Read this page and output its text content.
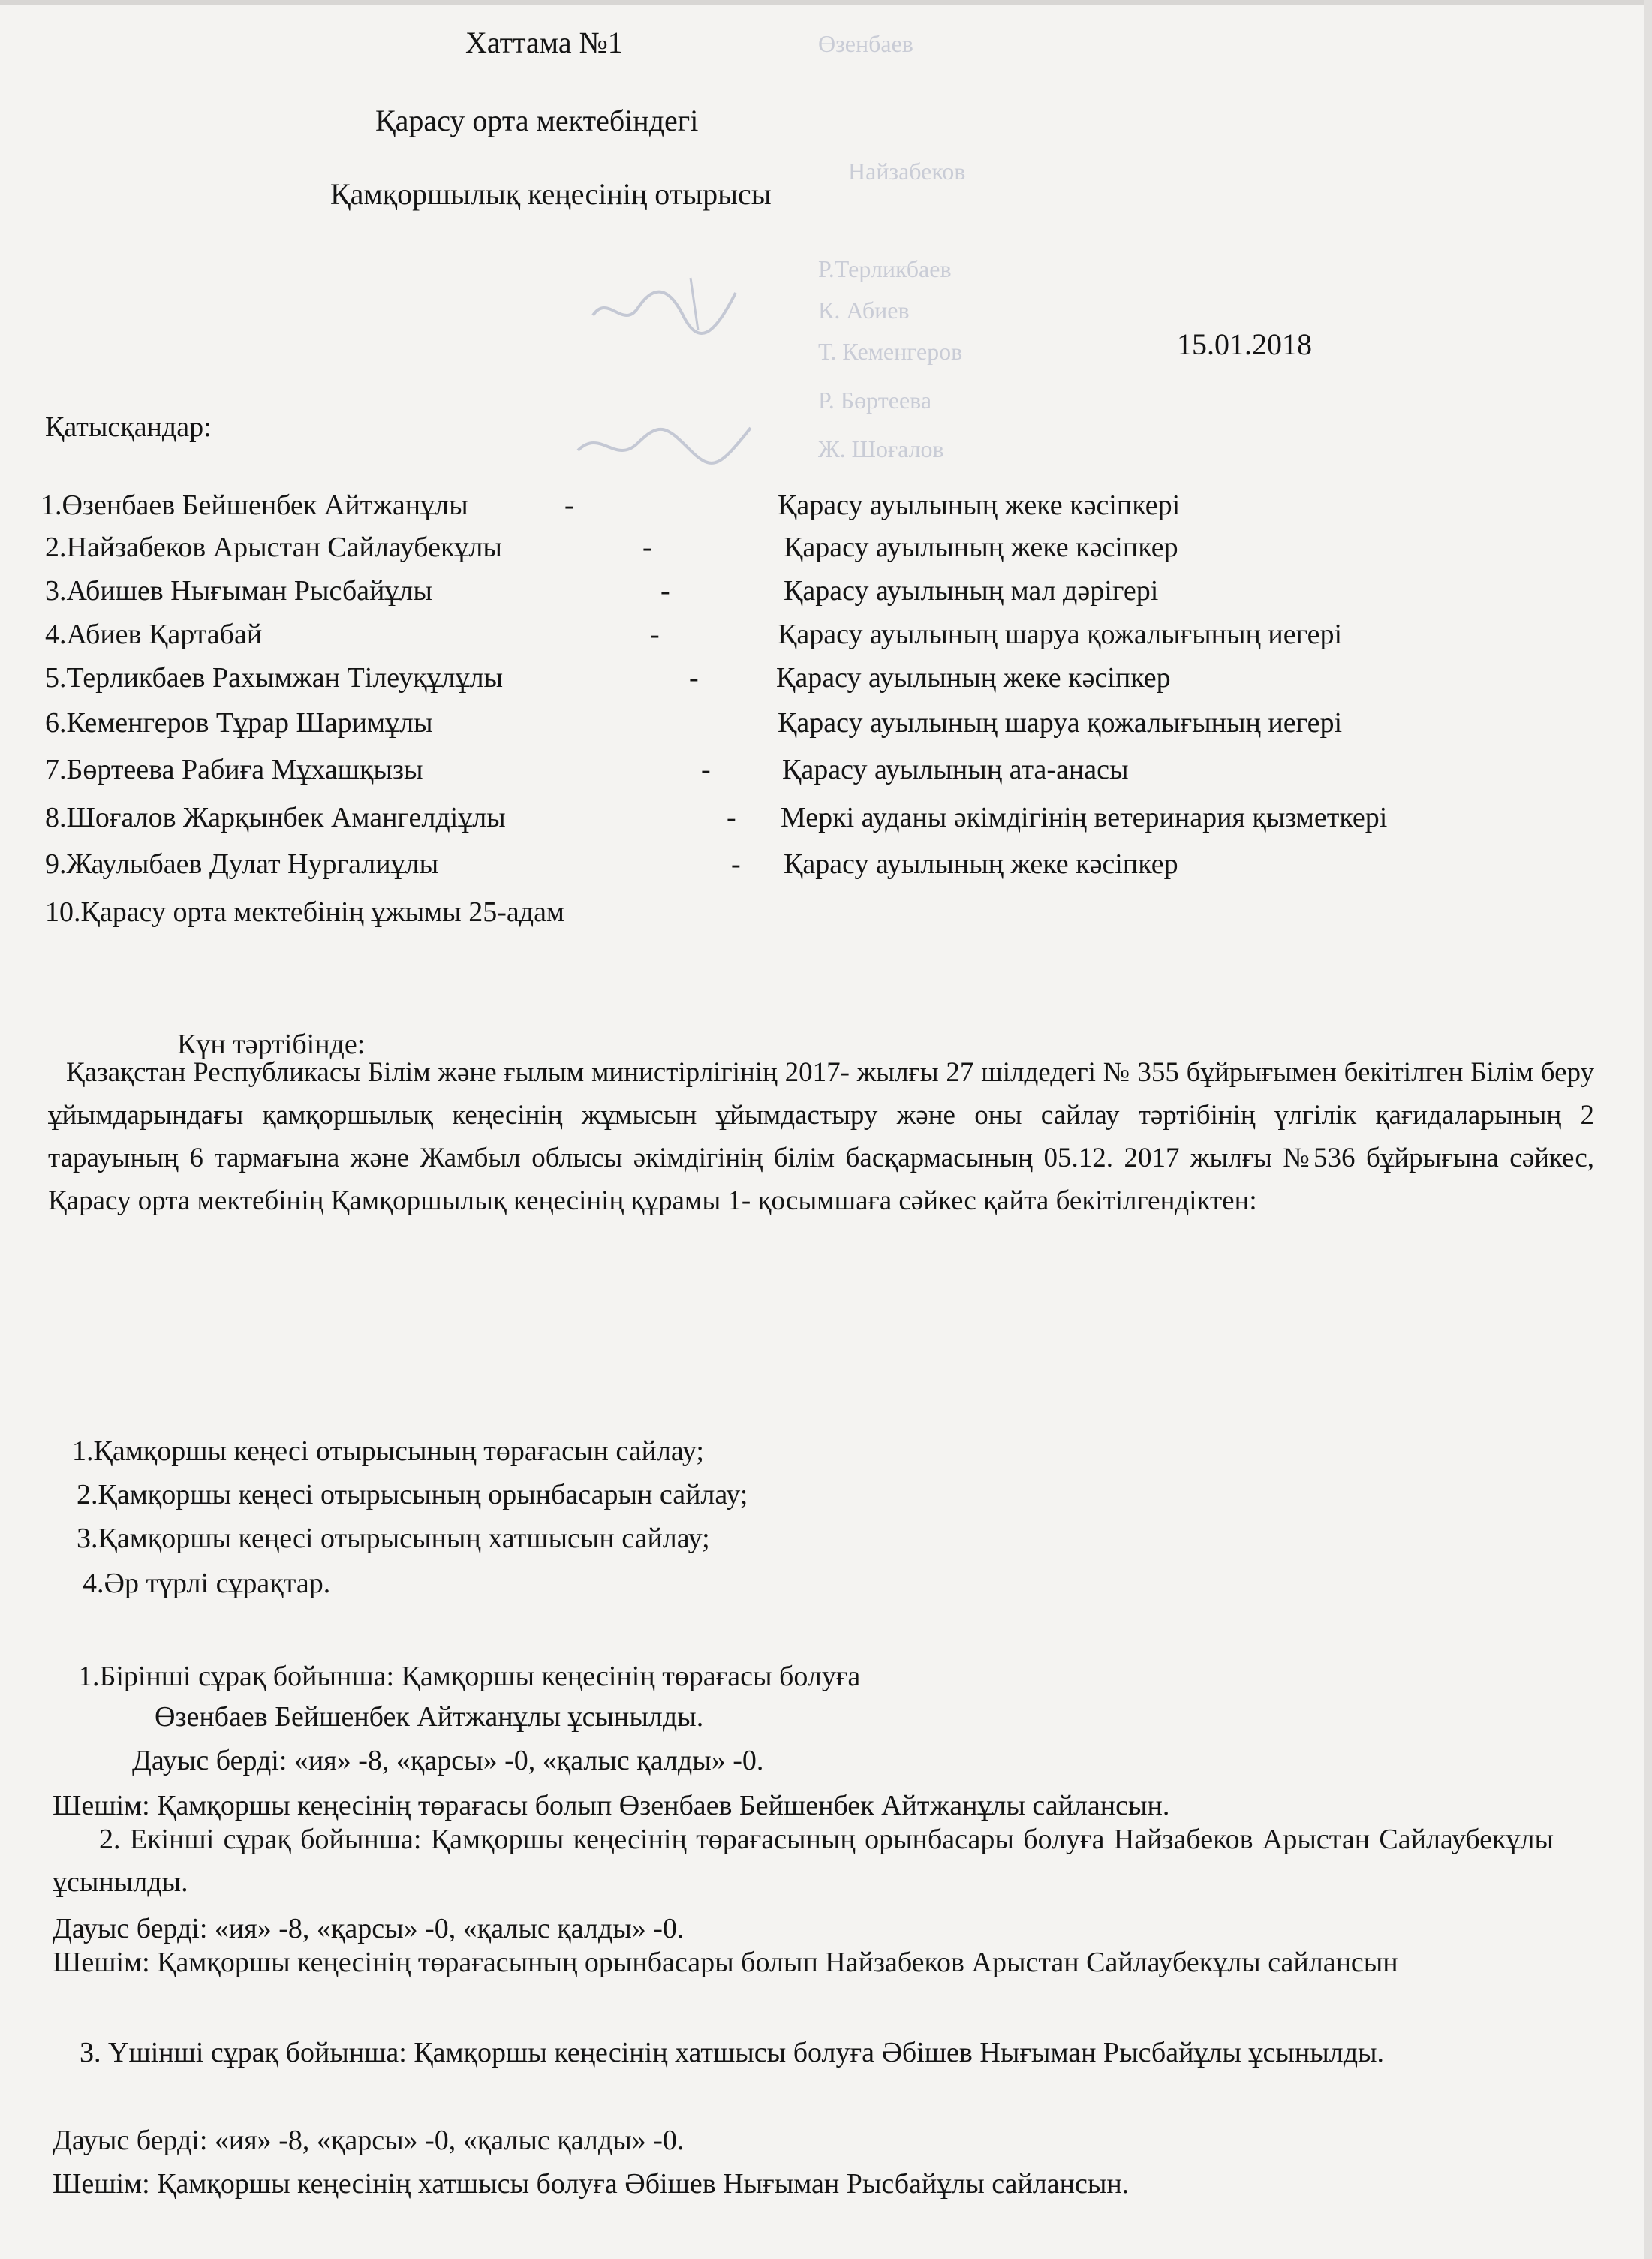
Өзенбаев
Найзабеков
Р.Терликбаев
К. Абиев
Т. Кеменгеров
Р. Бөртеева
Ж. Шоғалов
Хаттама №1
Қарасу орта мектебіндегі
Қамқоршылық кеңесінің отырысы
15.01.2018
Қатысқандар:
1.Өзенбаев Бейшенбек Айтжанұлы	-	Қарасу ауылының жеке кәсіпкері
2.Найзабеков Арыстан Сайлаубекұлы	-	Қарасу ауылының жеке кәсіпкер
3.Абишев Нығыман Рысбайұлы	-	Қарасу ауылының мал дәрігері
4.Абиев Қартабай	-	Қарасу ауылының шаруа қожалығының иегері
5.Терликбаев Рахымжан Тілеуқұлұлы	-	Қарасу ауылының жеке кәсіпкер
6.Кеменгеров Тұрар Шаримұлы	Қарасу ауылының шаруа қожалығының иегері
7.Бөртеева Рабиға Мұхашқызы	-	Қарасу ауылының ата-анасы
8.Шоғалов Жарқынбек Амангелдіұлы	- Меркі ауданы әкімдігінің ветеринария қызметкері
9.Жаулыбаев Дулат Нургалиұлы	- Қарасу ауылының жеке кәсіпкер
10.Қарасу орта мектебінің ұжымы 25-адам
Күн тәртібінде:
Қазақстан Республикасы Білім және ғылым министірлігінің 2017- жылғы 27 шілдедегі № 355 бұйрығымен бекітілген Білім беру ұйымдарындағы қамқоршылық кеңесінің жұмысын ұйымдастыру және оны сайлау тәртібінің үлгілік қағидаларының 2 тарауының 6 тармағына және Жамбыл облысы әкімдігінің білім басқармасының 05.12. 2017 жылғы №536 бұйрығына сәйкес, Қарасу орта мектебінің Қамқоршылық кеңесінің құрамы 1- қосымшаға сәйкес қайта бекітілгендіктен:
1.Қамқоршы кеңесі отырысының төрағасын сайлау;
2.Қамқоршы кеңесі отырысының орынбасарын сайлау;
3.Қамқоршы кеңесі отырысының хатшысын сайлау;
4.Әр түрлі сұрақтар.
1.Бірінші сұрақ бойынша: Қамқоршы кеңесінің төрағасы болуға
Өзенбаев Бейшенбек Айтжанұлы ұсынылды.
Дауыс берді: «ия» -8, «қарсы» -0, «қалыс қалды» -0.
Шешім: Қамқоршы кеңесінің төрағасы болып Өзенбаев Бейшенбек Айтжанұлы сайлансын.
2. Екінші сұрақ бойынша: Қамқоршы кеңесінің төрағасының орынбасары болуға Найзабеков Арыстан Сайлаубекұлы ұсынылды.
Дауыс берді: «ия» -8, «қарсы» -0, «қалыс қалды» -0.
Шешім: Қамқоршы кеңесінің төрағасының орынбасары болып Найзабеков Арыстан Сайлаубекұлы сайлансын
3. Үшінші сұрақ бойынша: Қамқоршы кеңесінің хатшысы болуға Әбішев Нығыман Рысбайұлы ұсынылды.
Дауыс берді: «ия» -8, «қарсы» -0, «қалыс қалды» -0.
Шешім: Қамқоршы кеңесінің хатшысы болуға Әбішев Нығыман Рысбайұлы сайлансын.
